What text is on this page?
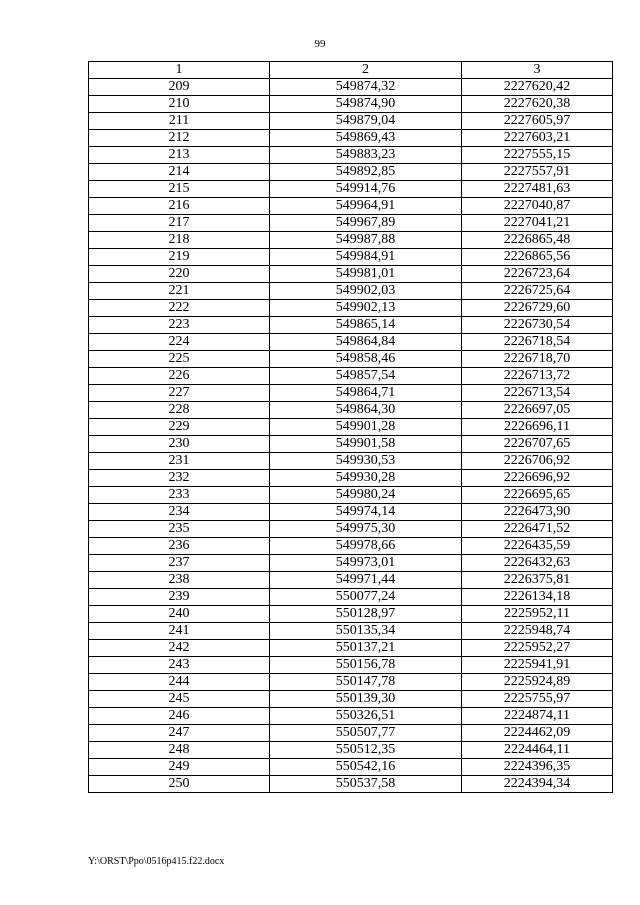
99
1	2	3
209	549874,32	2227620,42
210	549874,90	2227620,38
211	549879,04	2227605,97
212	549869,43	2227603,21
213	549883,23	2227555,15
214	549892,85	2227557,91
215	549914,76	2227481,63
216	549964,91	2227040,87
217	549967,89	2227041,21
218	549987,88	2226865,48
219	549984,91	2226865,56
220	549981,01	2226723,64
221	549902,03	2226725,64
222	549902,13	2226729,60
223	549865,14	2226730,54
224	549864,84	2226718,54
225	549858,46	2226718,70
226	549857,54	2226713,72
227	549864,71	2226713,54
228	549864,30	2226697,05
229	549901,28	2226696,11
230	549901,58	2226707,65
231	549930,53	2226706,92
232	549930,28	2226696,92
233	549980,24	2226695,65
234	549974,14	2226473,90
235	549975,30	2226471,52
236	549978,66	2226435,59
237	549973,01	2226432,63
238	549971,44	2226375,81
239	550077,24	2226134,18
240	550128,97	2225952,11
241	550135,34	2225948,74
242	550137,21	2225952,27
243	550156,78	2225941,91
244	550147,78	2225924,89
245	550139,30	2225755,97
246	550326,51	2224874,11
247	550507,77	2224462,09
248	550512,35	2224464,11
249	550542,16	2224396,35
250	550537,58	2224394,34
Y:\ORST\Ppo\0516p415.f22.docx
